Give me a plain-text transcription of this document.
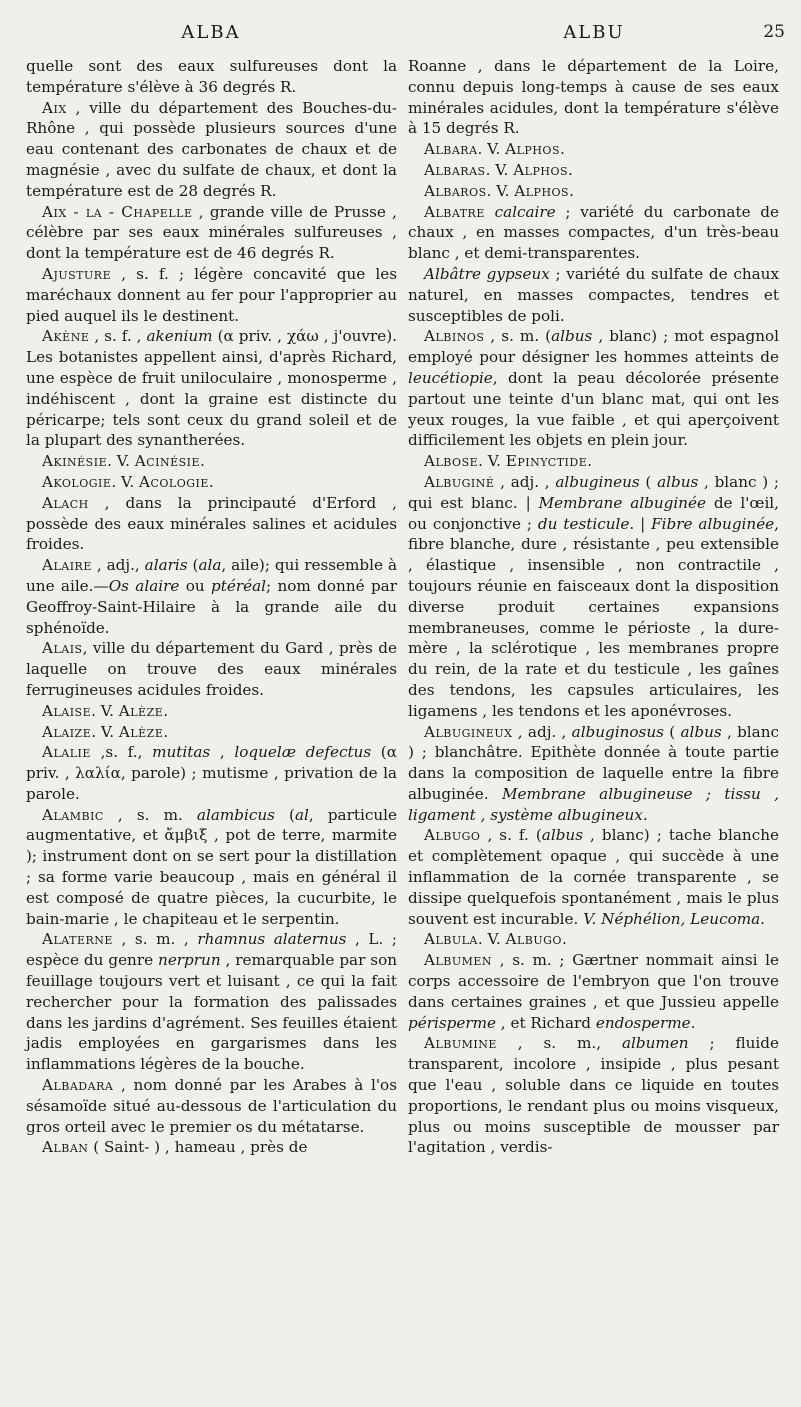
ALBA	ALBU	25

quelle sont des eaux sulfureuses dont la température s'élève à 36 degrés R.

Aix , ville du département des Bouches-du-Rhône , qui possède plusieurs sources d'une eau contenant des carbonates de chaux et de magnésie , avec du sulfate de chaux, et dont la température est de 28 degrés R.

Aix - la - Chapelle , grande ville de Prusse , célèbre par ses eaux minérales sulfureuses , dont la température est de 46 degrés R.

Ajusture , s. f. ; légère concavité que les maréchaux donnent au fer pour l'approprier au pied auquel ils le destinent.

Akène , s. f. , akenium (α priv. , χάω , j'ouvre). Les botanistes appellent ainsi, d'après Richard, une espèce de fruit uniloculaire , monosperme , indéhiscent , dont la graine est distincte du péricarpe; tels sont ceux du grand soleil et de la plupart des synantherées.

Akinésie. V. Acinésie.

Akologie. V. Acologie.

Alach , dans la principauté d'Erford , possède des eaux minérales salines et acidules froides.

Alaire , adj., alaris (ala, aile); qui ressemble à une aile.—Os alaire ou ptéréal; nom donné par Geoffroy-Saint-Hilaire à la grande aile du sphénoïde.

Alais, ville du département du Gard , près de laquelle on trouve des eaux minérales ferrugineuses acidules froides.

Alaise. V. Alèze.

Alaize. V. Alèze.

Alalie ,s. f., mutitas , loquelæ defectus (α priv. , λαλία, parole) ; mutisme , privation de la parole.

Alambic , s. m. alambicus (al, particule augmentative, et ἄμβιξ , pot de terre, marmite ); instrument dont on se sert pour la distillation ; sa forme varie beaucoup , mais en général il est composé de quatre pièces, la cucurbite, le bain-marie , le chapiteau et le serpentin.

Alaterne , s. m. , rhamnus alaternus , L. ; espèce du genre nerprun , remarquable par son feuillage toujours vert et luisant , ce qui la fait rechercher pour la formation des palissades dans les jardins d'agrément. Ses feuilles étaient jadis employées en gargarismes dans les inflammations légères de la bouche.

Albadara , nom donné par les Arabes à l'os sésamoïde situé au-dessous de l'articulation du gros orteil avec le premier os du métatarse.

Alban ( Saint- ) , hameau , près de

Roanne , dans le département de la Loire, connu depuis long-temps à cause de ses eaux minérales acidules, dont la température s'élève à 15 degrés R.

Albara. V. Alphos.

Albaras. V. Alphos.

Albaros. V. Alphos.

Albatre calcaire ; variété du carbonate de chaux , en masses compactes, d'un très-beau blanc , et demi-transparentes.

Albâtre gypseux ; variété du sulfate de chaux naturel, en masses compactes, tendres et susceptibles de poli.

Albinos , s. m. (albus , blanc) ; mot espagnol employé pour désigner les hommes atteints de leucétiopie, dont la peau décolorée présente partout une teinte d'un blanc mat, qui ont les yeux rouges, la vue faible , et qui aperçoivent difficilement les objets en plein jour.

Albose. V. Epinyctide.

Albuginé , adj. , albugineus ( albus , blanc ) ; qui est blanc. | Membrane albuginée de l'œil, ou conjonctive ; du testicule. | Fibre albuginée, fibre blanche, dure , résistante , peu extensible , élastique , insensible , non contractile , toujours réunie en faisceaux dont la disposition diverse produit certaines expansions membraneuses, comme le périoste , la dure-mère , la sclérotique , les membranes propre du rein, de la rate et du testicule , les gaînes des tendons, les capsules articulaires, les ligamens , les tendons et les aponévroses.

Albugineux , adj. , albuginosus ( albus , blanc ) ; blanchâtre. Epithète donnée à toute partie dans la composition de laquelle entre la fibre albuginée. Membrane albugineuse ; tissu , ligament , système albugineux.

Albugo , s. f. (albus , blanc) ; tache blanche et complètement opaque , qui succède à une inflammation de la cornée transparente , se dissipe quelquefois spontanément , mais le plus souvent est incurable. V. Néphélion, Leucoma.

Albula. V. Albugo.

Albumen , s. m. ; Gærtner nommait ainsi le corps accessoire de l'embryon que l'on trouve dans certaines graines , et que Jussieu appelle périsperme , et Richard endosperme.

Albumine , s. m., albumen ; fluide transparent, incolore , insipide , plus pesant que l'eau , soluble dans ce liquide en toutes proportions, le rendant plus ou moins visqueux, plus ou moins susceptible de mousser par l'agitation , verdis-
